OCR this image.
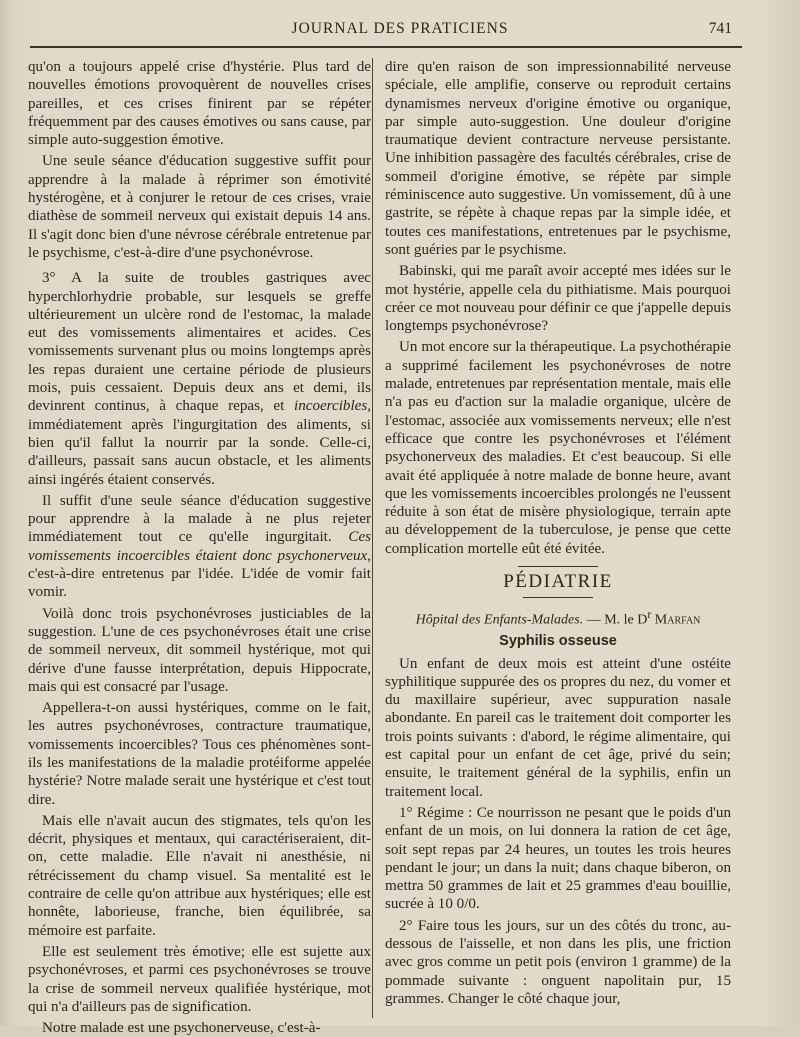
JOURNAL DES PRATICIENS	741

qu'on a toujours appelé crise d'hystérie. Plus tard de nouvelles émotions provoquèrent de nouvelles crises pareilles, et ces crises finirent par se répéter fréquemment par des causes émotives ou sans cause, par simple auto-suggestion émotive.

Une seule séance d'éducation suggestive suffit pour apprendre à la malade à réprimer son émotivité hystérogène, et à conjurer le retour de ces crises, vraie diathèse de sommeil nerveux qui existait depuis 14 ans. Il s'agit donc bien d'une névrose cérébrale entretenue par le psychisme, c'est-à-dire d'une psychonévrose.

3° A la suite de troubles gastriques avec hyperchlorhydrie probable, sur lesquels se greffe ultérieurement un ulcère rond de l'estomac, la malade eut des vomissements alimentaires et acides. Ces vomissements survenant plus ou moins longtemps après les repas duraient une certaine période de plusieurs mois, puis cessaient. Depuis deux ans et demi, ils devinrent continus, à chaque repas, et incoercibles, immédiatement après l'ingurgitation des aliments, si bien qu'il fallut la nourrir par la sonde. Celle-ci, d'ailleurs, passait sans aucun obstacle, et les aliments ainsi ingérés étaient conservés.

Il suffit d'une seule séance d'éducation suggestive pour apprendre à la malade à ne plus rejeter immédiatement tout ce qu'elle ingurgitait. Ces vomissements incoercibles étaient donc psychonerveux, c'est-à-dire entretenus par l'idée. L'idée de vomir fait vomir.

Voilà donc trois psychonévroses justiciables de la suggestion. L'une de ces psychonévroses était une crise de sommeil nerveux, dit sommeil hystérique, mot qui dérive d'une fausse interprétation, depuis Hippocrate, mais qui est consacré par l'usage.

Appellera-t-on aussi hystériques, comme on le fait, les autres psychonévroses, contracture traumatique, vomissements incoercibles? Tous ces phénomènes sont-ils les manifestations de la maladie protéiforme appelée hystérie? Notre malade serait une hystérique et c'est tout dire.

Mais elle n'avait aucun des stigmates, tels qu'on les décrit, physiques et mentaux, qui caractériseraient, dit-on, cette maladie. Elle n'avait ni anesthésie, ni rétrécissement du champ visuel. Sa mentalité est le contraire de celle qu'on attribue aux hystériques; elle est honnête, laborieuse, franche, bien équilibrée, sa mémoire est parfaite.

Elle est seulement très émotive; elle est sujette aux psychonévroses, et parmi ces psychonévroses se trouve la crise de sommeil nerveux qualifiée hystérique, mot qui n'a d'ailleurs pas de signification.

Notre malade est une psychonerveuse, c'est-à-

dire qu'en raison de son impressionnabilité nerveuse spéciale, elle amplifie, conserve ou reproduit certains dynamismes nerveux d'origine émotive ou organique, par simple auto-suggestion. Une douleur d'origine traumatique devient contracture nerveuse persistante. Une inhibition passagère des facultés cérébrales, crise de sommeil d'origine émotive, se répète par simple réminiscence auto suggestive. Un vomissement, dû à une gastrite, se répète à chaque repas par la simple idée, et toutes ces manifestations, entretenues par le psychisme, sont guéries par le psychisme.

Babinski, qui me paraît avoir accepté mes idées sur le mot hystérie, appelle cela du pithiatisme. Mais pourquoi créer ce mot nouveau pour définir ce que j'appelle depuis longtemps psychonévrose?

Un mot encore sur la thérapeutique. La psychothérapie a supprimé facilement les psychonévroses de notre malade, entretenues par représentation mentale, mais elle n'a pas eu d'action sur la maladie organique, ulcère de l'estomac, associée aux vomissements nerveux; elle n'est efficace que contre les psychonévroses et l'élément psychonerveux des maladies. Et c'est beaucoup. Si elle avait été appliquée à notre malade de bonne heure, avant que les vomissements incoercibles prolongés ne l'eussent réduite à son état de misère physiologique, terrain apte au développement de la tuberculose, je pense que cette complication mortelle eût été évitée.

PÉDIATRIE

Hôpital des Enfants-Malades. — M. le $D^r$ Marfan

Syphilis osseuse

Un enfant de deux mois est atteint d'une ostéite syphilitique suppurée des os propres du nez, du vomer et du maxillaire supérieur, avec suppuration nasale abondante. En pareil cas le traitement doit comporter les trois points suivants : d'abord, le régime alimentaire, qui est capital pour un enfant de cet âge, privé du sein; ensuite, le traitement général de la syphilis, enfin un traitement local.

1° Régime : Ce nourrisson ne pesant que le poids d'un enfant de un mois, on lui donnera la ration de cet âge, soit sept repas par 24 heures, un toutes les trois heures pendant le jour; un dans la nuit; dans chaque biberon, on mettra 50 grammes de lait et 25 grammes d'eau bouillie, sucrée à 10 0/0.

2° Faire tous les jours, sur un des côtés du tronc, au-dessous de l'aisselle, et non dans les plis, une friction avec gros comme un petit pois (environ 1 gramme) de la pommade suivante : onguent napolitain pur, 15 grammes. Changer le côté chaque jour,
